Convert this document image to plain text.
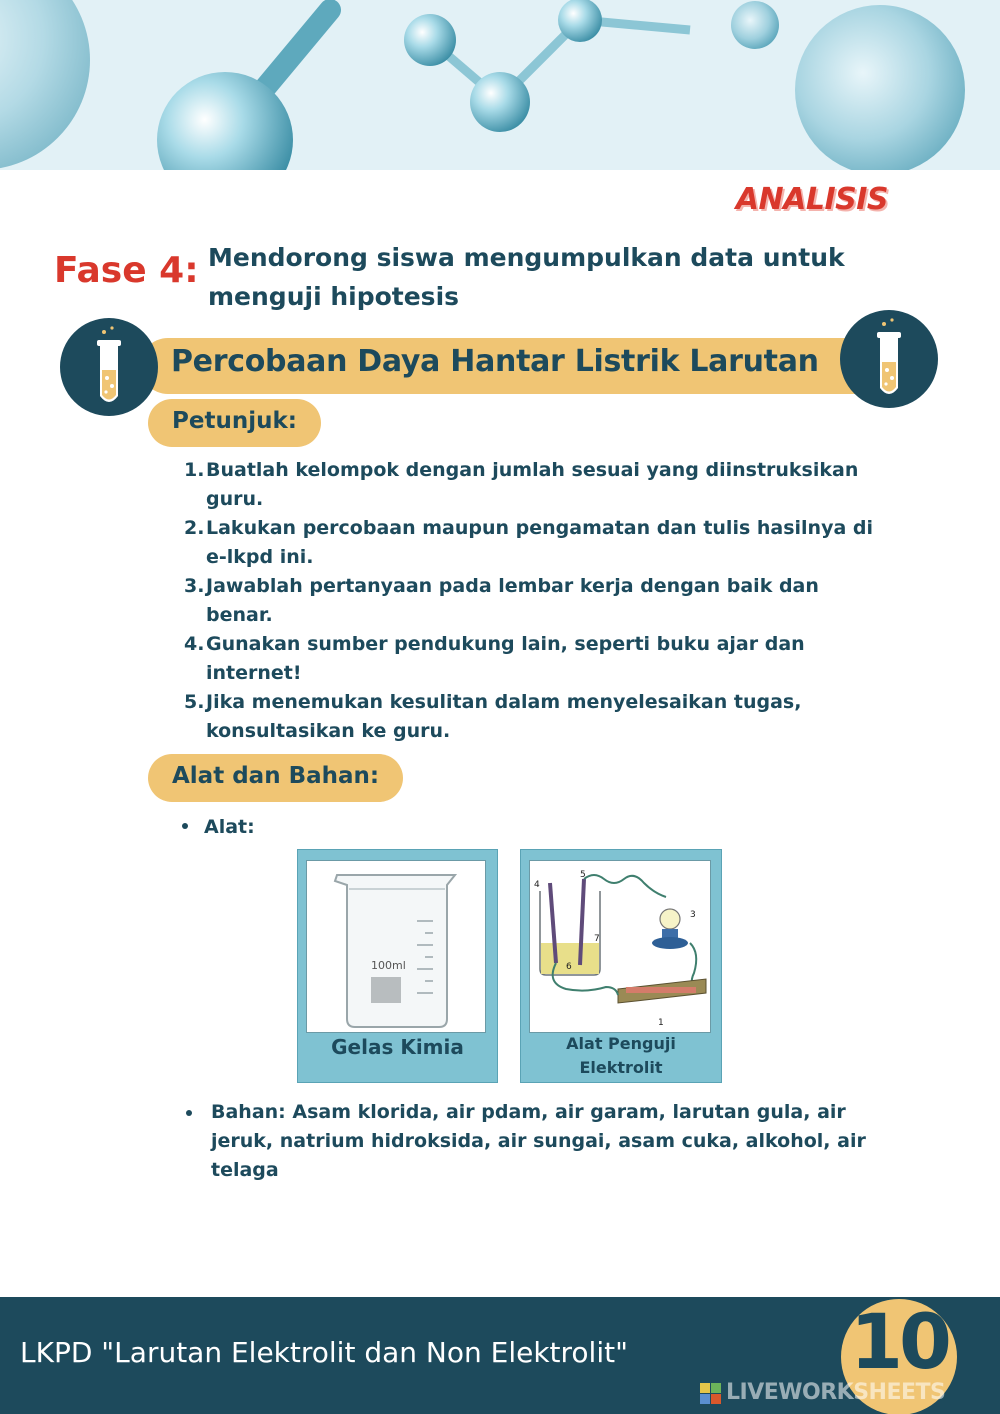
ANALISIS
Fase 4: Mendorong siswa mengumpulkan data untuk menguji hipotesis
Percobaan Daya Hantar Listrik Larutan
Petunjuk:
1. Buatlah kelompok dengan jumlah sesuai yang diinstruksikan guru.
2. Lakukan percobaan maupun pengamatan dan tulis hasilnya di e-lkpd ini.
3. Jawablah pertanyaan pada lembar kerja dengan baik dan benar.
4. Gunakan sumber pendukung lain, seperti buku ajar dan internet!
5. Jika menemukan kesulitan dalam menyelesaikan tugas, konsultasikan ke guru.
Alat dan Bahan:
Alat:
100ml
Gelas Kimia
4
5
3
6
7
1
Alat Penguji Elektrolit
Bahan: Asam klorida, air pdam, air garam, larutan gula, air jeruk, natrium hidroksida, air sungai, asam cuka, alkohol, air telaga
LKPD "Larutan Elektrolit dan Non Elektrolit"	10
LIVEWORKSHEETS
